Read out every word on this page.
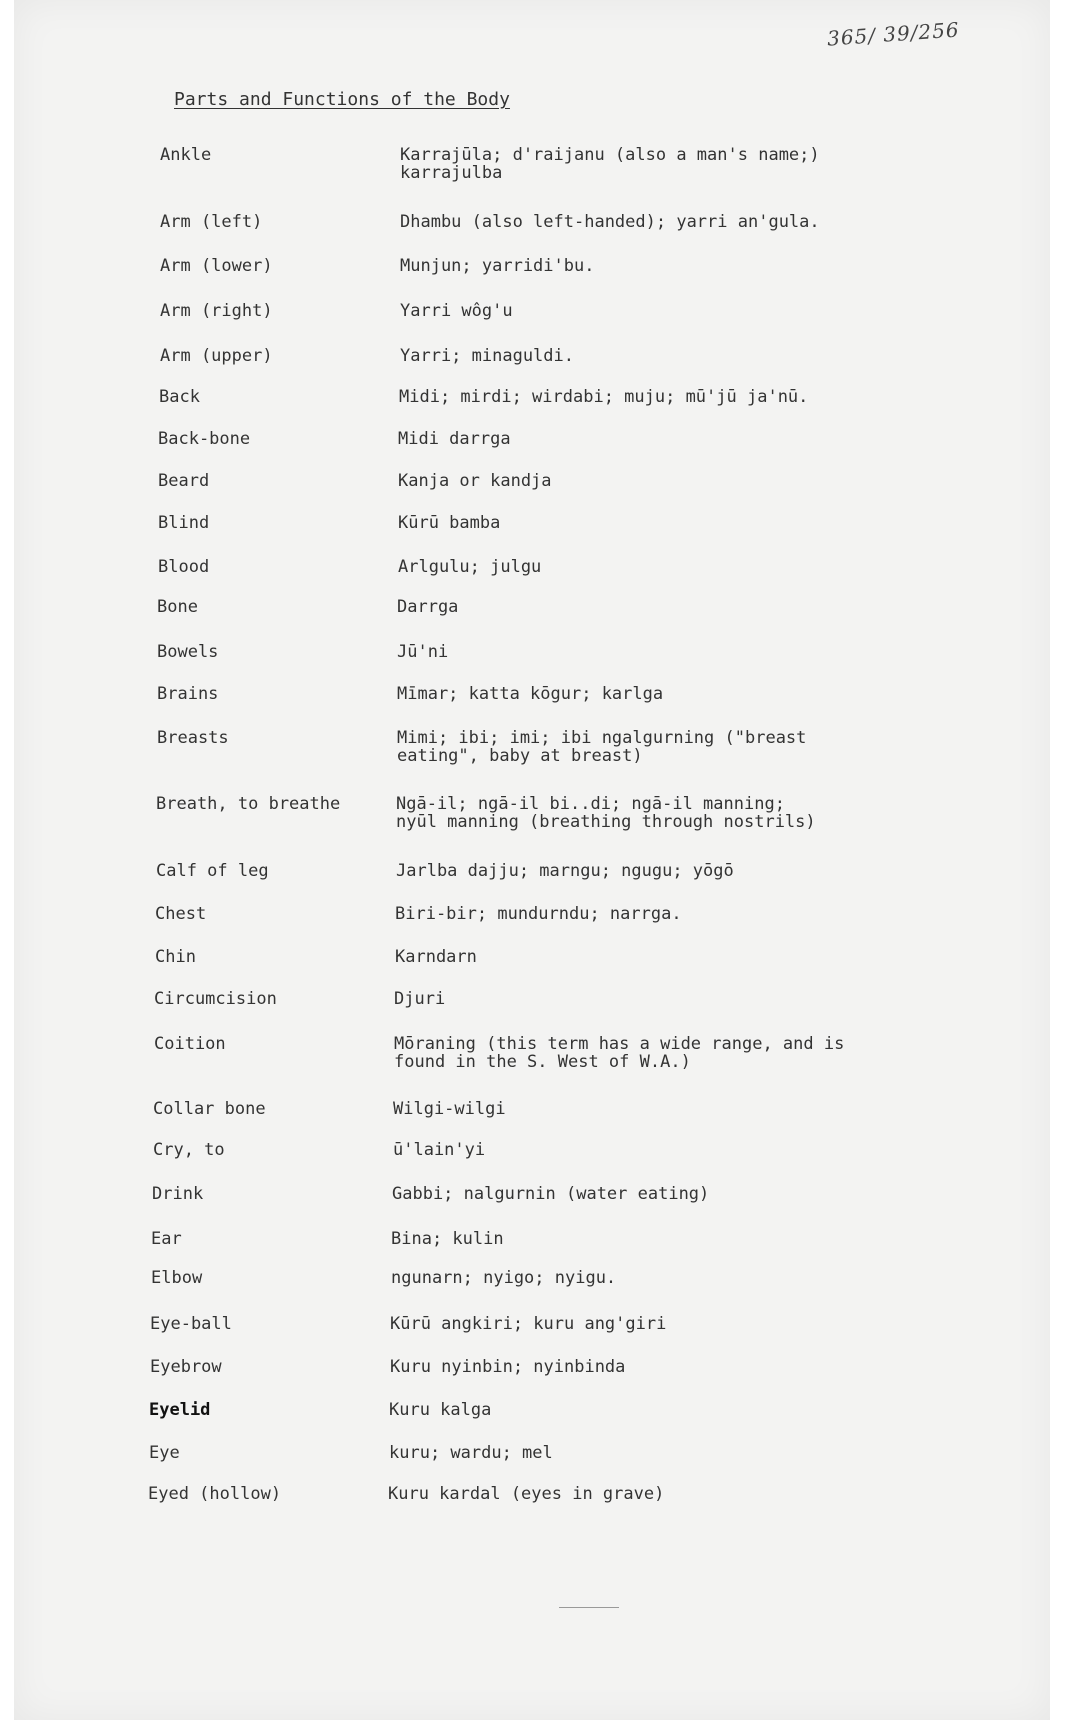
365/ 39/256
Parts and Functions of the Body
Ankle	Karrajūla; d'raijanu (also a man's name;)
karrajulba
Arm (left)	Dhambu (also left-handed); yarri an'gula.
Arm (lower)	Munjun; yarridi'bu.
Arm (right)	Yarri wôg'u
Arm (upper)	Yarri; minaguldi.
Back	Midi; mirdi; wirdabi; muju; mū'jū ja'nū.
Back-bone	Midi darrga
Beard	Kanja or kandja
Blind	Kūrū bamba
Blood	Arlgulu; julgu
Bone	Darrga
Bowels	Jū'ni
Brains	Mīmar; katta kōgur; karlga
Breasts	Mimi; ibi; imi; ibi ngalgurning ("breast
eating", baby at breast)
Breath, to breathe	Ngā-il; ngā-il bi..di; ngā-il manning;
nyūl manning (breathing through nostrils)
Calf of leg	Jarlba dajju; marngu; ngugu; yōgō
Chest	Biri-bir; mundurndu; narrga.
Chin	Karndarn
Circumcision	Djuri
Coition	Mōraning (this term has a wide range, and is
found in the S. West of W.A.)
Collar bone	Wilgi-wilgi
Cry, to	ū'lain'yi
Drink	Gabbi; nalgurnin (water eating)
Ear	Bina; kulin
Elbow	ngunarn; nyigo; nyigu.
Eye-ball	Kūrū angkiri; kuru ang'giri
Eyebrow	Kuru nyinbin; nyinbinda
Eyelid	Kuru kalga
Eye	kuru; wardu; mel
Eyed (hollow)	Kuru kardal (eyes in grave)
